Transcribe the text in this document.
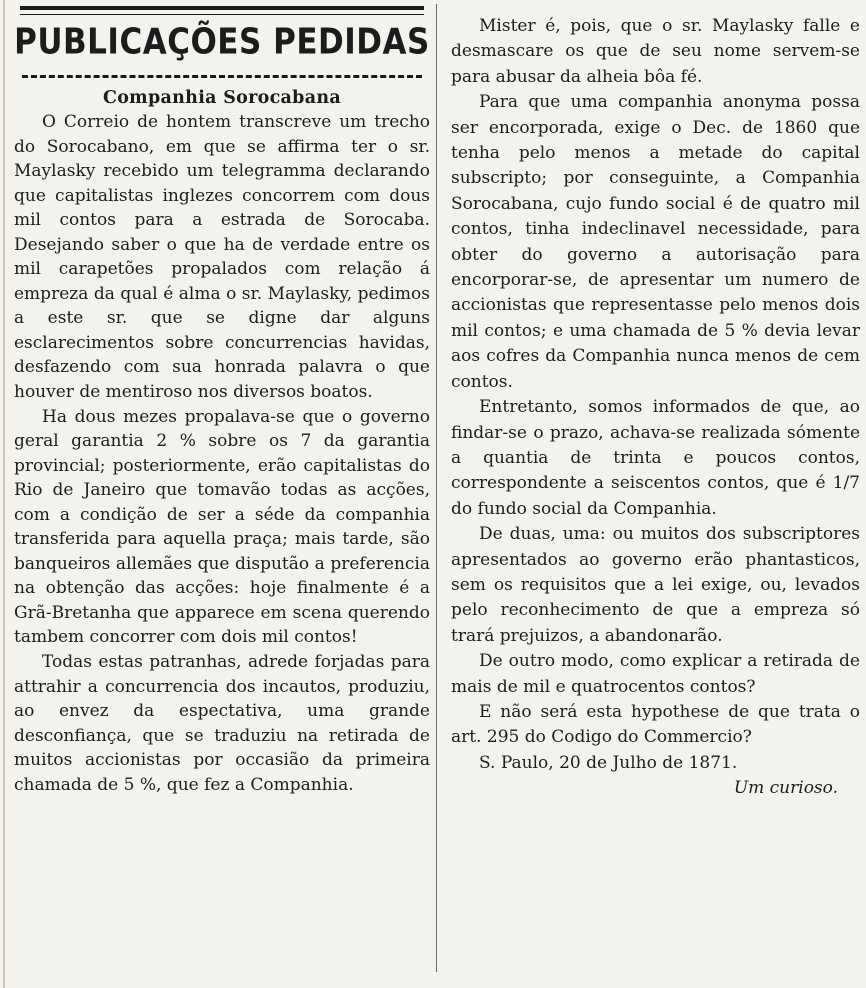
PUBLICAÇÕES PEDIDAS
Companhia Sorocabana

O Correio de hontem transcreve um trecho do Sorocabano, em que se affirma ter o sr. Maylasky recebido um telegramma declarando que capitalistas inglezes concorrem com dous mil contos para a estrada de Sorocaba. Desejando saber o que ha de verdade entre os mil carapetões propalados com relação á empreza da qual é alma o sr. Maylasky, pedimos a este sr. que se digne dar alguns esclarecimentos sobre concurrencias havidas, desfazendo com sua honrada palavra o que houver de mentiroso nos diversos boatos.

Ha dous mezes propalava-se que o governo geral garantia 2 % sobre os 7 da garantia provincial; posteriormente, erão capitalistas do Rio de Janeiro que tomavão todas as acções, com a condição de ser a séde da companhia transferida para aquella praça; mais tarde, são banqueiros allemães que disputão a preferencia na obtenção das acções: hoje finalmente é a Grã-Bretanha que apparece em scena querendo tambem concorrer com dois mil contos!

Todas estas patranhas, adrede forjadas para attrahir a concurrencia dos incautos, produziu, ao envez da espectativa, uma grande desconfiança, que se traduziu na retirada de muitos accionistas por occasião da primeira chamada de 5 %, que fez a Companhia.

Mister é, pois, que o sr. Maylasky falle e desmascare os que de seu nome servem-se para abusar da alheia bôa fé.

Para que uma companhia anonyma possa ser encorporada, exige o Dec. de 1860 que tenha pelo menos a metade do capital subscripto; por conseguinte, a Companhia Sorocabana, cujo fundo social é de quatro mil contos, tinha indeclinavel necessidade, para obter do governo a autorisação para encorporar-se, de apresentar um numero de accionistas que representasse pelo menos dois mil contos; e uma chamada de 5 % devia levar aos cofres da Companhia nunca menos de cem contos.

Entretanto, somos informados de que, ao findar-se o prazo, achava-se realizada sómente a quantia de trinta e poucos contos, correspondente a seiscentos contos, que é 1/7 do fundo social da Companhia.

De duas, uma: ou muitos dos subscriptores apresentados ao governo erão phantasticos, sem os requisitos que a lei exige, ou, levados pelo reconhecimento de que a empreza só trará prejuizos, a abandonarão.

De outro modo, como explicar a retirada de mais de mil e quatrocentos contos?

E não será esta hypothese de que trata o art. 295 do Codigo do Commercio?

S. Paulo, 20 de Julho de 1871.

Um curioso.
